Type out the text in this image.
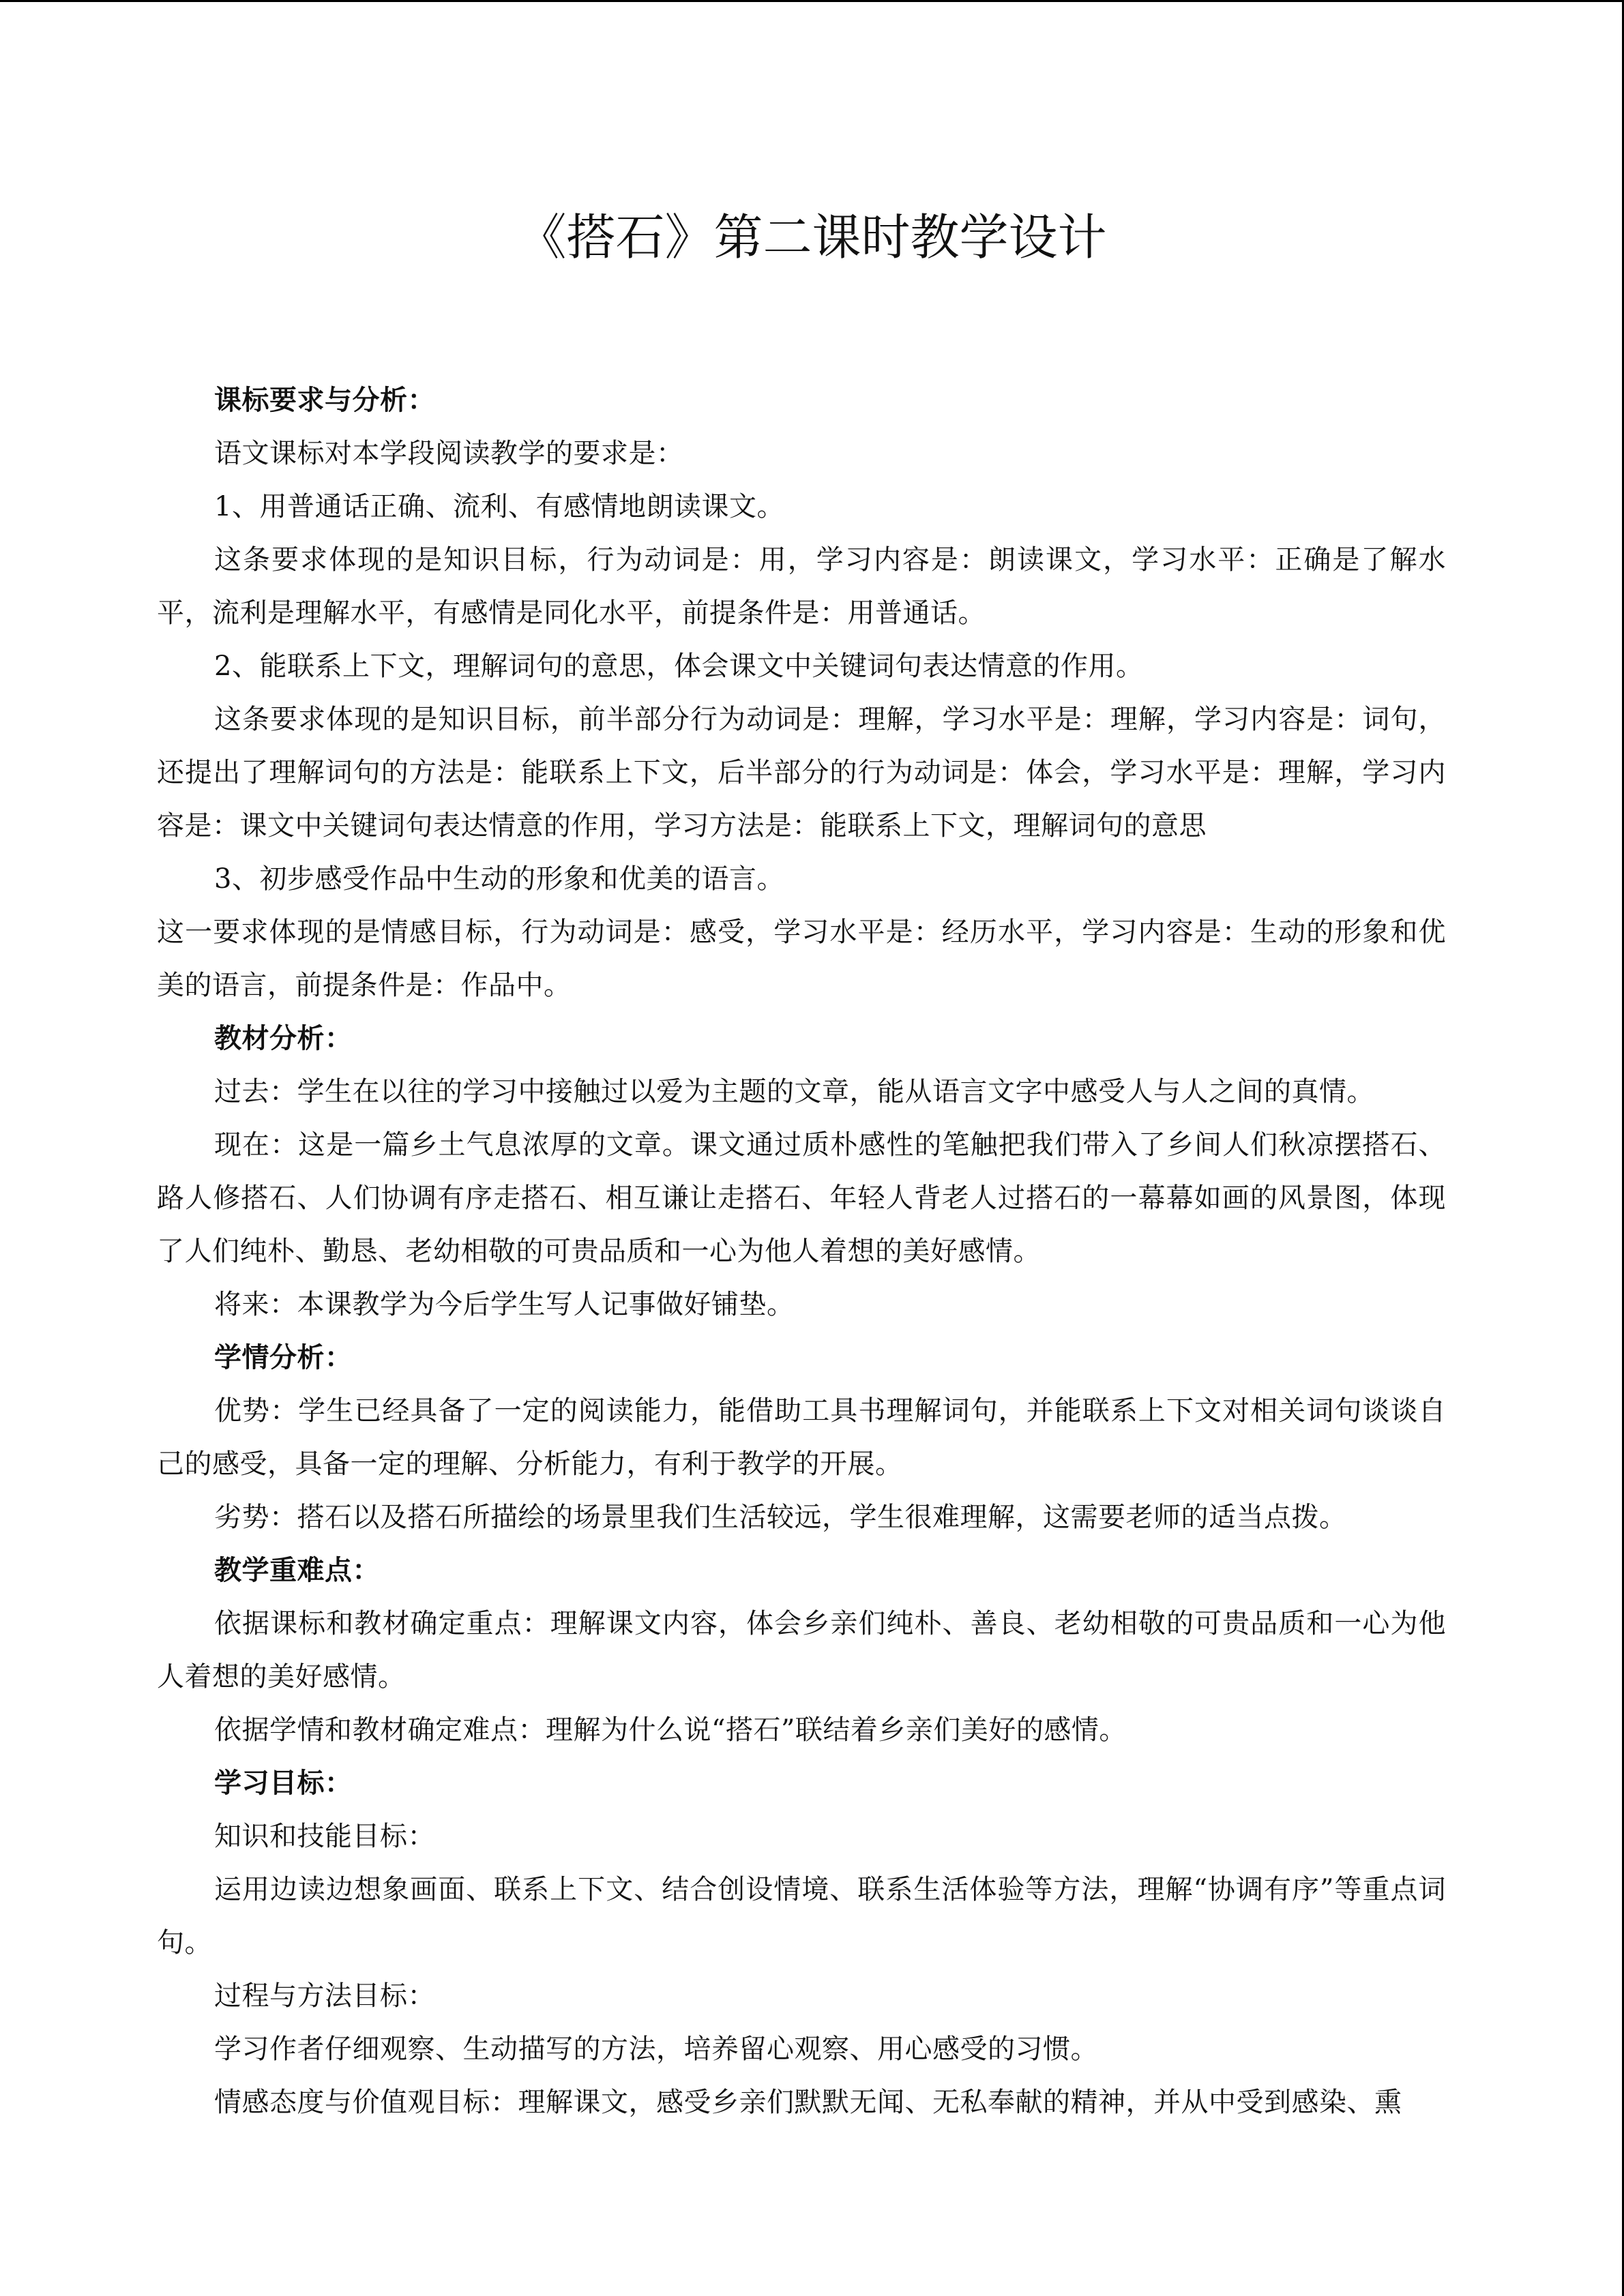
《搭石》第二课时教学设计

课标要求与分析：

语文课标对本学段阅读教学的要求是：

1、用普通话正确、流利、有感情地朗读课文。

这条要求体现的是知识目标，行为动词是：用，学习内容是：朗读课文，学习水平：正确是了解水平，流利是理解水平，有感情是同化水平，前提条件是：用普通话。

2、能联系上下文，理解词句的意思，体会课文中关键词句表达情意的作用。

这条要求体现的是知识目标，前半部分行为动词是：理解，学习水平是：理解，学习内容是：词句，还提出了理解词句的方法是：能联系上下文，后半部分的行为动词是：体会，学习水平是：理解，学习内容是：课文中关键词句表达情意的作用，学习方法是：能联系上下文，理解词句的意思

3、初步感受作品中生动的形象和优美的语言。

这一要求体现的是情感目标，行为动词是：感受，学习水平是：经历水平，学习内容是：生动的形象和优美的语言，前提条件是：作品中。

教材分析：

过去：学生在以往的学习中接触过以爱为主题的文章，能从语言文字中感受人与人之间的真情。

现在：这是一篇乡土气息浓厚的文章。课文通过质朴感性的笔触把我们带入了乡间人们秋凉摆搭石、路人修搭石、人们协调有序走搭石、相互谦让走搭石、年轻人背老人过搭石的一幕幕如画的风景图，体现了人们纯朴、勤恳、老幼相敬的可贵品质和一心为他人着想的美好感情。

将来：本课教学为今后学生写人记事做好铺垫。

学情分析：

优势：学生已经具备了一定的阅读能力，能借助工具书理解词句，并能联系上下文对相关词句谈谈自己的感受，具备一定的理解、分析能力，有利于教学的开展。

劣势：搭石以及搭石所描绘的场景里我们生活较远，学生很难理解，这需要老师的适当点拨。

教学重难点：

依据课标和教材确定重点：理解课文内容，体会乡亲们纯朴、善良、老幼相敬的可贵品质和一心为他人着想的美好感情。

依据学情和教材确定难点：理解为什么说“搭石”联结着乡亲们美好的感情。

学习目标：

知识和技能目标：

运用边读边想象画面、联系上下文、结合创设情境、联系生活体验等方法，理解“协调有序”等重点词句。

过程与方法目标：

学习作者仔细观察、生动描写的方法，培养留心观察、用心感受的习惯。

情感态度与价值观目标：理解课文，感受乡亲们默默无闻、无私奉献的精神，并从中受到感染、熏
